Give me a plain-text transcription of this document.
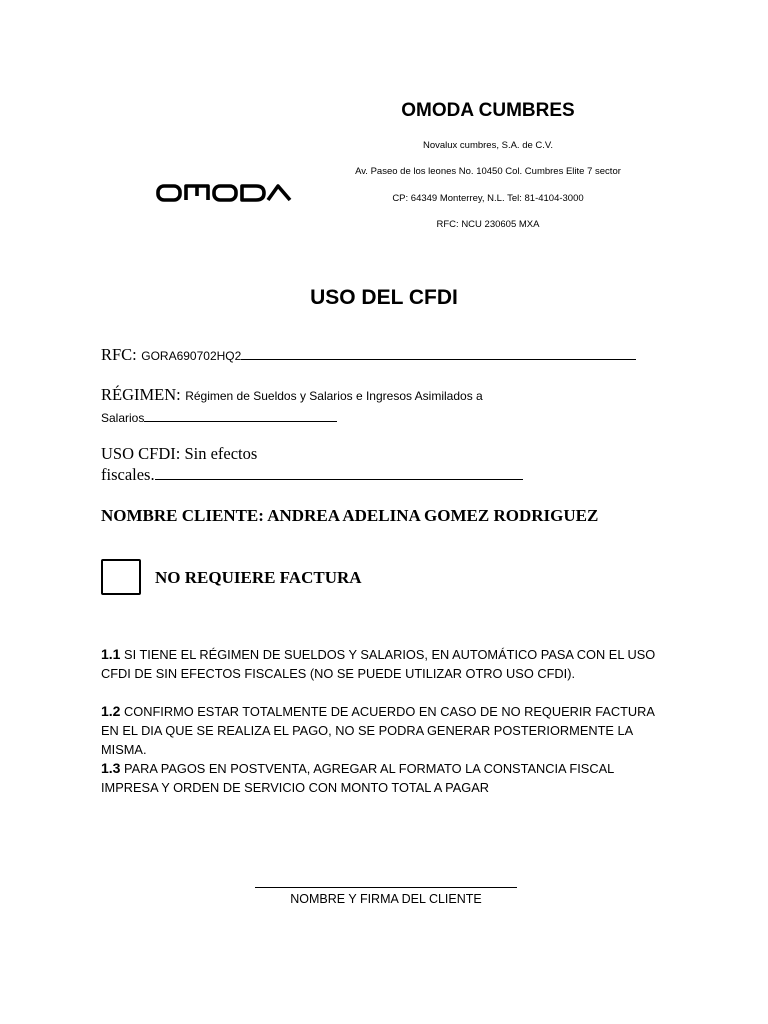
OMODA CUMBRES
Novalux cumbres, S.A. de C.V.
Av. Paseo de los leones No. 10450 Col. Cumbres Elite 7 sector
CP: 64349 Monterrey, N.L. Tel: 81-4104-3000
RFC: NCU 230605 MXA
USO DEL CFDI
RFC: GORA690702HQ2
RÉGIMEN: Régimen de Sueldos y Salarios e Ingresos Asimilados a
Salarios
USO CFDI: Sin efectos
fiscales.
NOMBRE CLIENTE: ANDREA ADELINA GOMEZ RODRIGUEZ
NO REQUIERE FACTURA
1.1 SI TIENE EL RÉGIMEN DE SUELDOS Y SALARIOS, EN AUTOMÁTICO PASA CON EL USO CFDI DE SIN EFECTOS FISCALES (NO SE PUEDE UTILIZAR OTRO USO CFDI).
1.2 CONFIRMO ESTAR TOTALMENTE DE ACUERDO EN CASO DE NO REQUERIR FACTURA EN EL DIA QUE SE REALIZA EL PAGO, NO SE PODRA GENERAR POSTERIORMENTE LA MISMA.
1.3 PARA PAGOS EN POSTVENTA, AGREGAR AL FORMATO LA CONSTANCIA FISCAL IMPRESA Y ORDEN DE SERVICIO CON MONTO TOTAL A PAGAR
NOMBRE Y FIRMA DEL CLIENTE
